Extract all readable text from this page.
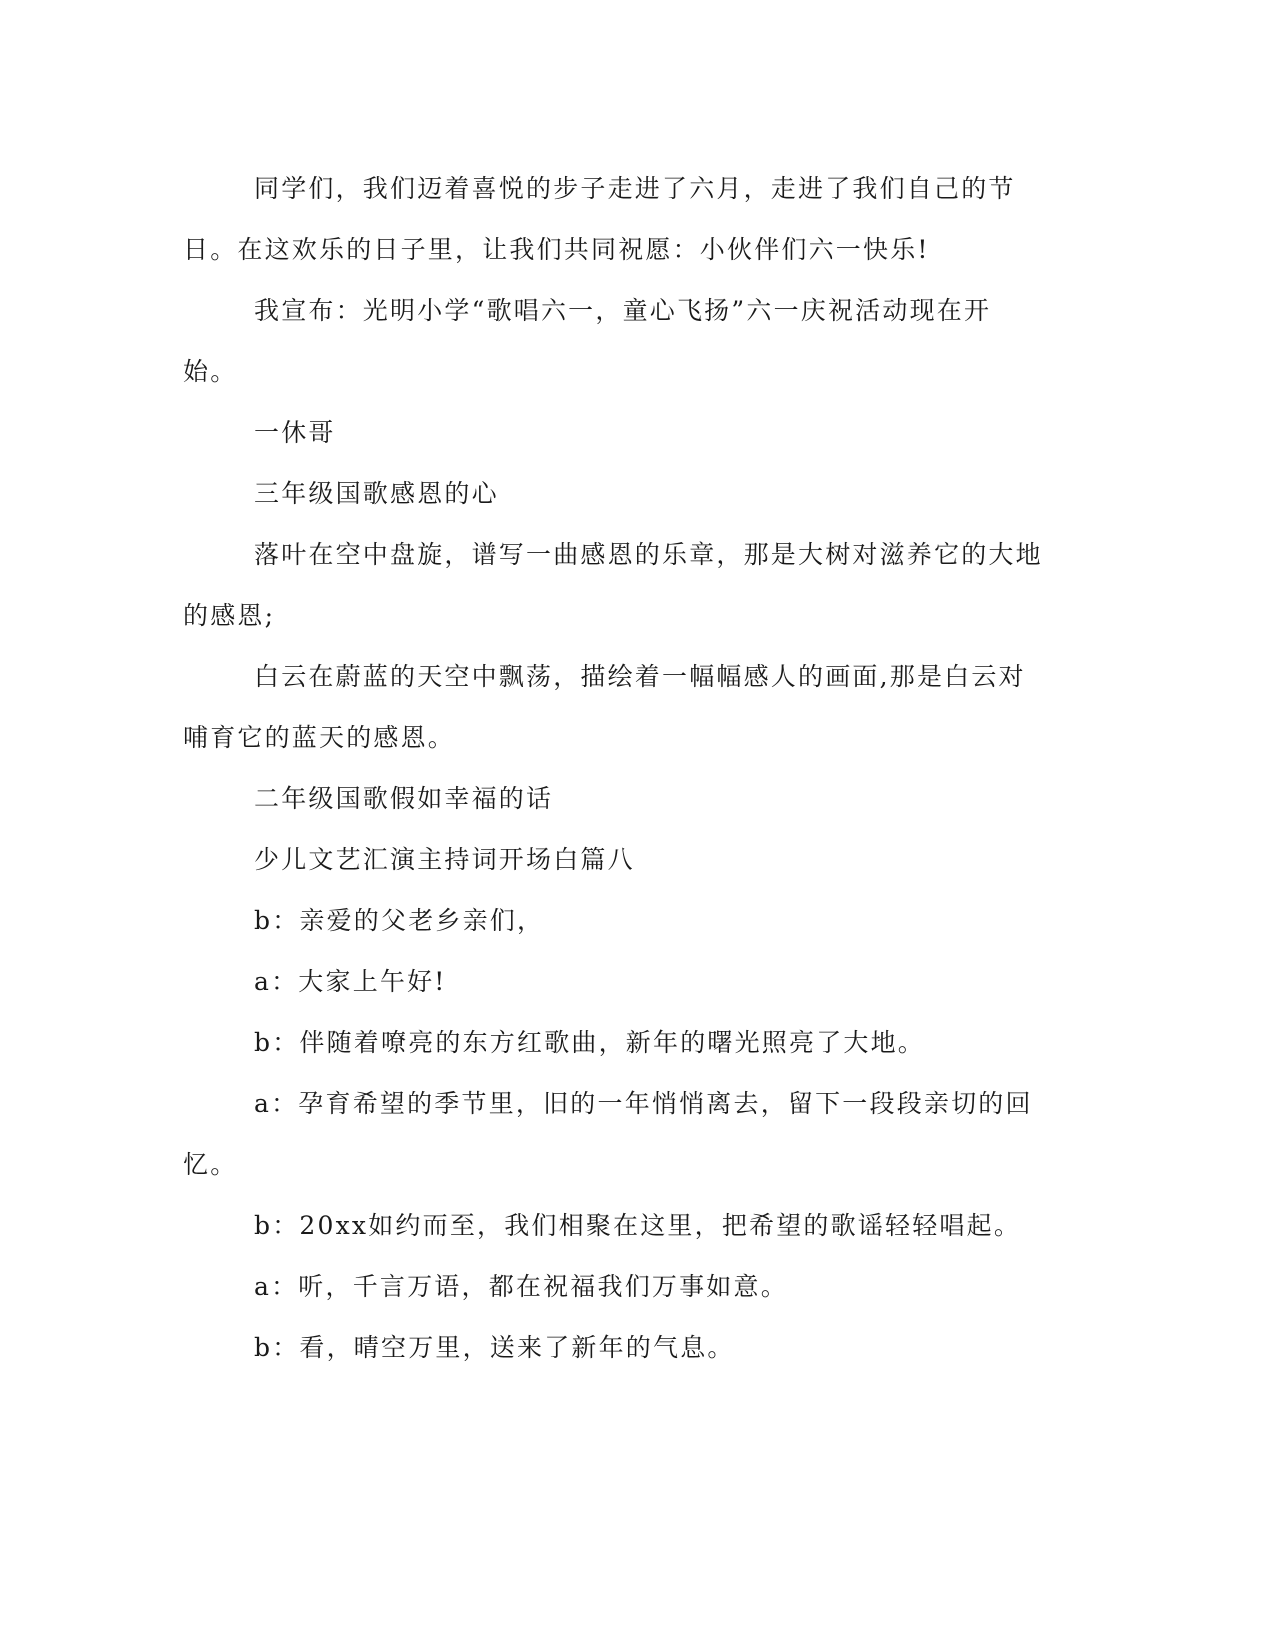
同学们，我们迈着喜悦的步子走进了六月，走进了我们自己的节日。在这欢乐的日子里，让我们共同祝愿：小伙伴们六一快乐!

我宣布：光明小学“歌唱六一，童心飞扬”六一庆祝活动现在开始。

一休哥

三年级国歌感恩的心

落叶在空中盘旋，谱写一曲感恩的乐章，那是大树对滋养它的大地的感恩;

白云在蔚蓝的天空中飘荡，描绘着一幅幅感人的画面,那是白云对哺育它的蓝天的感恩。

二年级国歌假如幸福的话

少儿文艺汇演主持词开场白篇八

b：亲爱的父老乡亲们，

a：大家上午好!

b：伴随着嘹亮的东方红歌曲，新年的曙光照亮了大地。

a：孕育希望的季节里，旧的一年悄悄离去，留下一段段亲切的回忆。

b：20xx如约而至，我们相聚在这里，把希望的歌谣轻轻唱起。

a：听，千言万语，都在祝福我们万事如意。

b：看，晴空万里，送来了新年的气息。
